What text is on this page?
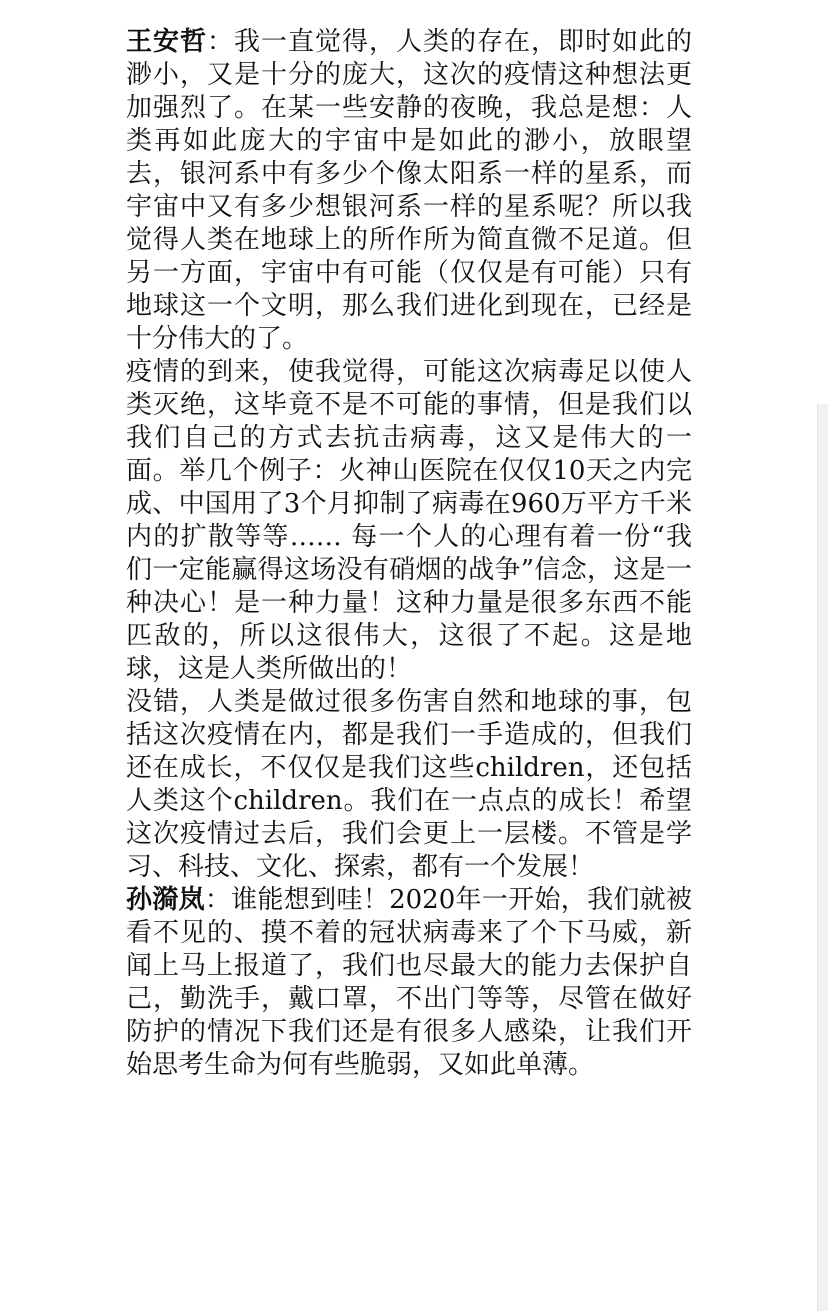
王安哲：我一直觉得，人类的存在，即时如此的渺小，又是十分的庞大，这次的疫情这种想法更加强烈了。在某一些安静的夜晚，我总是想：人类再如此庞大的宇宙中是如此的渺小，放眼望去，银河系中有多少个像太阳系一样的星系，而宇宙中又有多少想银河系一样的星系呢？所以我觉得人类在地球上的所作所为简直微不足道。但另一方面，宇宙中有可能（仅仅是有可能）只有地球这一个文明，那么我们进化到现在，已经是十分伟大的了。

疫情的到来，使我觉得，可能这次病毒足以使人类灭绝，这毕竟不是不可能的事情，但是我们以我们自己的方式去抗击病毒，这又是伟大的一面。举几个例子：火神山医院在仅仅10天之内完成、中国用了3个月抑制了病毒在960万平方千米内的扩散等等…… 每一个人的心理有着一份“我们一定能赢得这场没有硝烟的战争”信念，这是一种决心！是一种力量！这种力量是很多东西不能匹敌的，所以这很伟大，这很了不起。这是地球，这是人类所做出的！

没错，人类是做过很多伤害自然和地球的事，包括这次疫情在内，都是我们一手造成的，但我们还在成长，不仅仅是我们这些children，还包括人类这个children。我们在一点点的成长！希望这次疫情过去后，我们会更上一层楼。不管是学习、科技、文化、探索，都有一个发展！

孙漪岚：谁能想到哇！2020年一开始，我们就被看不见的、摸不着的冠状病毒来了个下马威，新闻上马上报道了，我们也尽最大的能力去保护自己，勤洗手，戴口罩，不出门等等，尽管在做好防护的情况下我们还是有很多人感染，让我们开始思考生命为何有些脆弱，又如此单薄。
